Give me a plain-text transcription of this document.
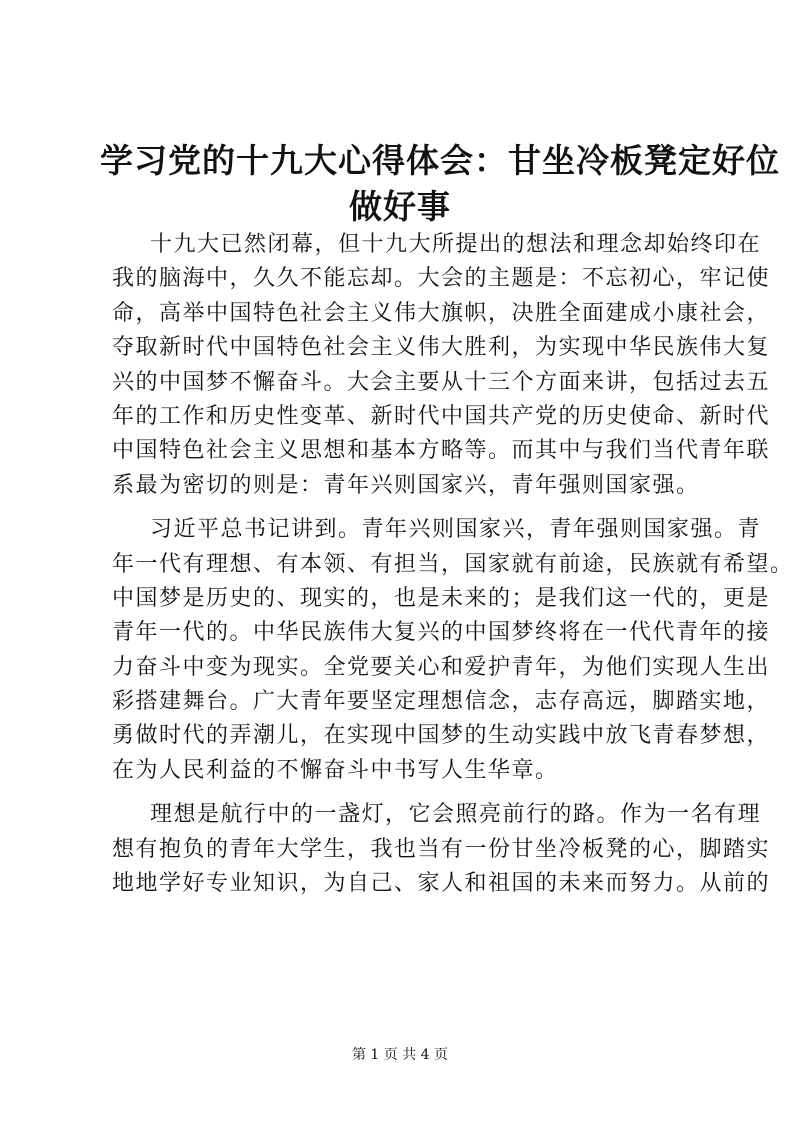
学习党的十九大心得体会：甘坐冷板凳定好位
做好事
十九大已然闭幕，但十九大所提出的想法和理念却始终印在
我的脑海中，久久不能忘却。大会的主题是：不忘初心，牢记使
命，高举中国特色社会主义伟大旗帜，决胜全面建成小康社会，
夺取新时代中国特色社会主义伟大胜利，为实现中华民族伟大复
兴的中国梦不懈奋斗。大会主要从十三个方面来讲，包括过去五
年的工作和历史性变革、新时代中国共产党的历史使命、新时代
中国特色社会主义思想和基本方略等。而其中与我们当代青年联
系最为密切的则是：青年兴则国家兴，青年强则国家强。
习近平总书记讲到。青年兴则国家兴，青年强则国家强。青
年一代有理想、有本领、有担当，国家就有前途，民族就有希望。
中国梦是历史的、现实的，也是未来的；是我们这一代的，更是
青年一代的。中华民族伟大复兴的中国梦终将在一代代青年的接
力奋斗中变为现实。全党要关心和爱护青年，为他们实现人生出
彩搭建舞台。广大青年要坚定理想信念，志存高远，脚踏实地，
勇做时代的弄潮儿，在实现中国梦的生动实践中放飞青春梦想，
在为人民利益的不懈奋斗中书写人生华章。
理想是航行中的一盏灯，它会照亮前行的路。作为一名有理
想有抱负的青年大学生，我也当有一份甘坐冷板凳的心，脚踏实
地地学好专业知识，为自己、家人和祖国的未来而努力。从前的
第 1 页 共 4 页
